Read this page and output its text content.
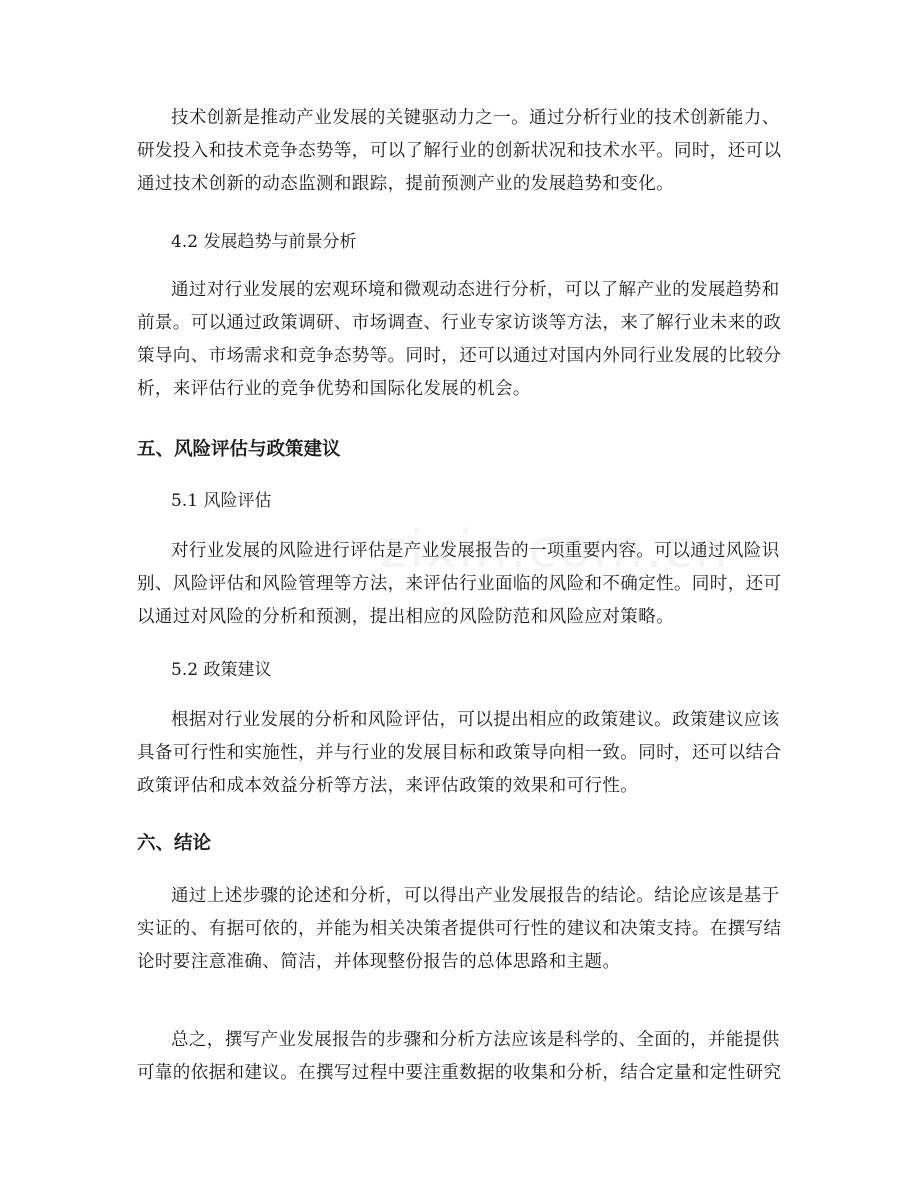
技术创新是推动产业发展的关键驱动力之一。通过分析行业的技术创新能力、
研发投入和技术竞争态势等，可以了解行业的创新状况和技术水平。同时，还可以
通过技术创新的动态监测和跟踪，提前预测产业的发展趋势和变化。

4.2 发展趋势与前景分析

通过对行业发展的宏观环境和微观动态进行分析，可以了解产业的发展趋势和
前景。可以通过政策调研、市场调查、行业专家访谈等方法，来了解行业未来的政
策导向、市场需求和竞争态势等。同时，还可以通过对国内外同行业发展的比较分
析，来评估行业的竞争优势和国际化发展的机会。

五、风险评估与政策建议

5.1 风险评估

对行业发展的风险进行评估是产业发展报告的一项重要内容。可以通过风险识
别、风险评估和风险管理等方法，来评估行业面临的风险和不确定性。同时，还可
以通过对风险的分析和预测，提出相应的风险防范和风险应对策略。

5.2 政策建议

根据对行业发展的分析和风险评估，可以提出相应的政策建议。政策建议应该
具备可行性和实施性，并与行业的发展目标和政策导向相一致。同时，还可以结合
政策评估和成本效益分析等方法，来评估政策的效果和可行性。

六、结论

通过上述步骤的论述和分析，可以得出产业发展报告的结论。结论应该是基于
实证的、有据可依的，并能为相关决策者提供可行性的建议和决策支持。在撰写结
论时要注意准确、简洁，并体现整份报告的总体思路和主题。

总之，撰写产业发展报告的步骤和分析方法应该是科学的、全面的，并能提供
可靠的依据和建议。在撰写过程中要注重数据的收集和分析，结合定量和定性研究
